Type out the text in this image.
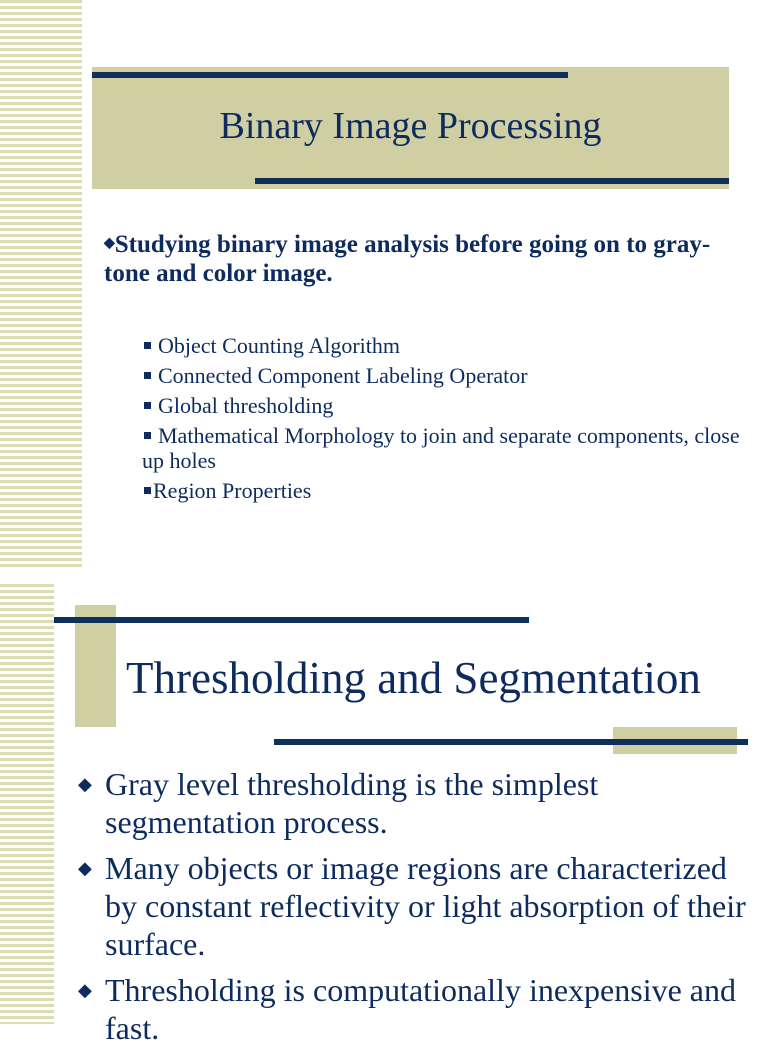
Binary Image Processing
◆Studying binary image analysis before going on to gray-tone and color image.
Object Counting Algorithm
Connected Component Labeling Operator
Global thresholding
Mathematical Morphology to join and separate components, close up holes
Region Properties
Thresholding and Segmentation
◆ Gray level thresholding is the simplest segmentation process.
◆ Many objects or image regions are characterized by constant reflectivity or light absorption of their surface.
◆ Thresholding is computationally inexpensive and fast.
